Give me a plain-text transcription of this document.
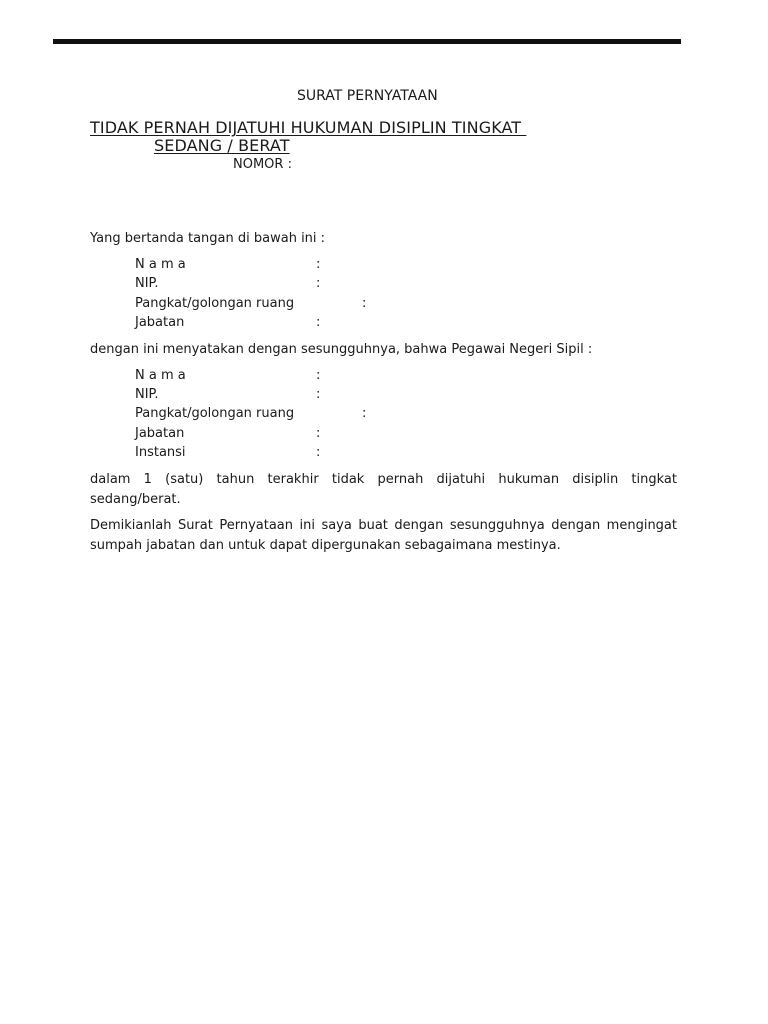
SURAT PERNYATAAN
TIDAK PERNAH DIJATUHI HUKUMAN DISIPLIN TINGKAT
SEDANG / BERAT
NOMOR :
Yang bertanda tangan di bawah ini :
N a m a	:
NIP.	:
Pangkat/golongan ruang	:
Jabatan	:
dengan ini menyatakan dengan sesungguhnya, bahwa Pegawai Negeri Sipil :
N a m a	:
NIP.	:
Pangkat/golongan ruang	:
Jabatan	:
Instansi	:
dalam 1 (satu) tahun terakhir tidak pernah dijatuhi hukuman disiplin tingkat sedang/berat.
Demikianlah Surat Pernyataan ini saya buat dengan sesungguhnya dengan mengingat sumpah jabatan dan untuk dapat dipergunakan sebagaimana mestinya.
